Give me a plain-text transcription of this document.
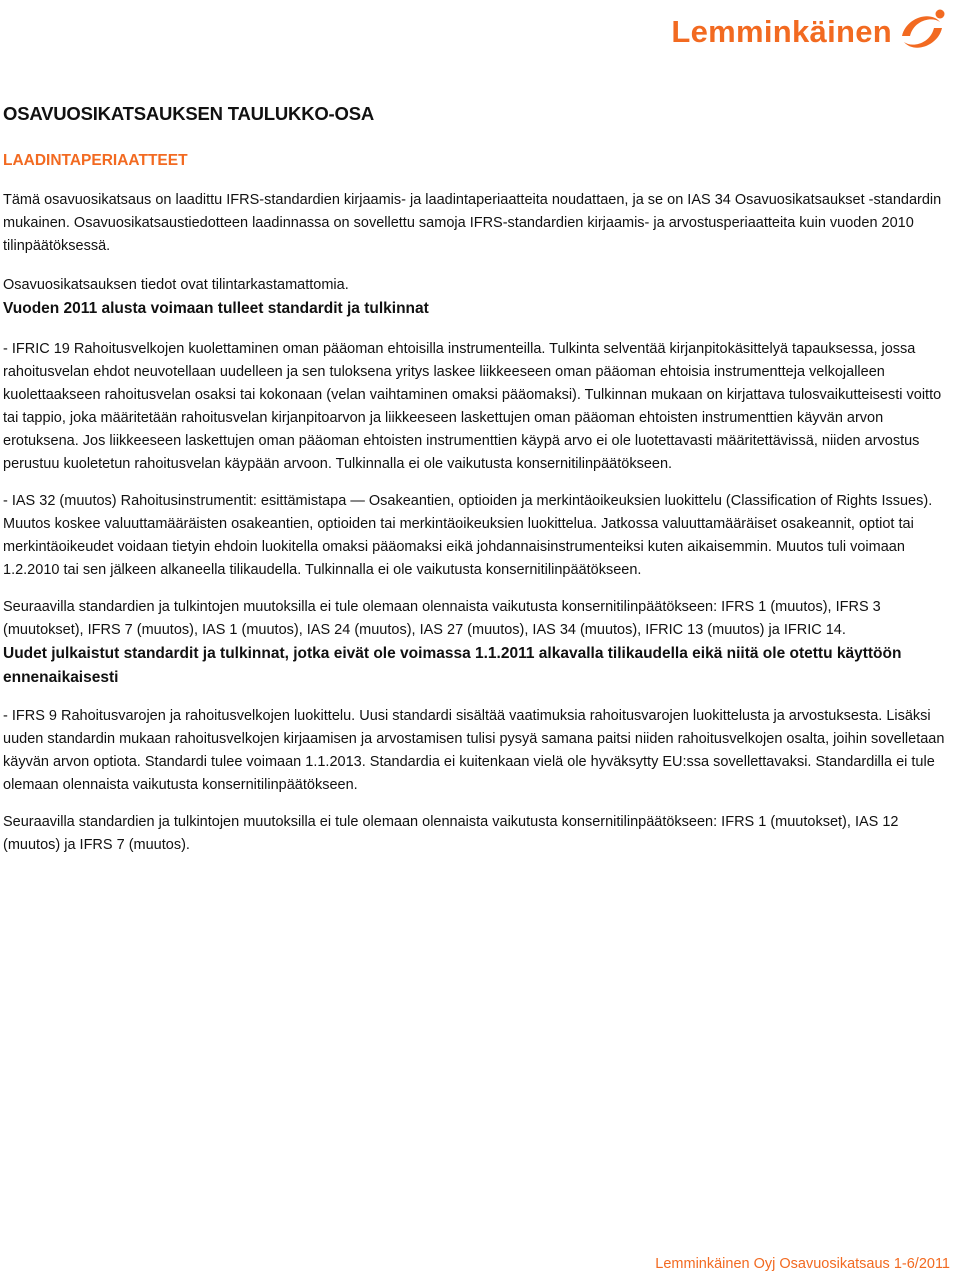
Lemminkäinen
OSAVUOSIKATSAUKSEN TAULUKKO-OSA
LAADINTAPERIAATTEET

Tämä osavuosikatsaus on laadittu IFRS-standardien kirjaamis- ja laadintaperiaatteita noudattaen, ja se on IAS 34 Osavuosikatsaukset -standardin mukainen. Osavuosikatsaustiedotteen laadinnassa on sovellettu samoja IFRS-standardien kirjaamis- ja arvostusperiaatteita kuin vuoden 2010 tilinpäätöksessä.

Osavuosikatsauksen tiedot ovat tilintarkastamattomia.

Vuoden 2011 alusta voimaan tulleet standardit ja tulkinnat

- IFRIC 19 Rahoitusvelkojen kuolettaminen oman pääoman ehtoisilla instrumenteilla. Tulkinta selventää kirjanpitokäsittelyä tapauksessa, jossa rahoitusvelan ehdot neuvotellaan uudelleen ja sen tuloksena yritys laskee liikkeeseen oman pääoman ehtoisia instrumentteja velkojalleen kuolettaakseen rahoitusvelan osaksi tai kokonaan (velan vaihtaminen omaksi pääomaksi). Tulkinnan mukaan on kirjattava tulosvaikutteisesti voitto tai tappio, joka määritetään rahoitusvelan kirjanpitoarvon ja liikkeeseen laskettujen oman pääoman ehtoisten instrumenttien käyvän arvon erotuksena. Jos liikkeeseen laskettujen oman pääoman ehtoisten instrumenttien käypä arvo ei ole luotettavasti määritettävissä, niiden arvostus perustuu kuoletetun rahoitusvelan käypään arvoon. Tulkinnalla ei ole vaikutusta konsernitilinpäätökseen.

- IAS 32 (muutos) Rahoitusinstrumentit: esittämistapa — Osakeantien, optioiden ja merkintäoikeuksien luokittelu (Classification of Rights Issues). Muutos koskee valuuttamääräisten osakeantien, optioiden tai merkintäoikeuksien luokittelua. Jatkossa valuuttamääräiset osakeannit, optiot tai merkintäoikeudet voidaan tietyin ehdoin luokitella omaksi pääomaksi eikä johdannaisinstrumenteiksi kuten aikaisemmin. Muutos tuli voimaan 1.2.2010 tai sen jälkeen alkaneella tilikaudella. Tulkinnalla ei ole vaikutusta konsernitilinpäätökseen.

Seuraavilla standardien ja tulkintojen muutoksilla ei tule olemaan olennaista vaikutusta konsernitilinpäätökseen: IFRS 1 (muutos), IFRS 3 (muutokset), IFRS 7 (muutos), IAS 1 (muutos), IAS 24 (muutos), IAS 27 (muutos), IAS 34 (muutos), IFRIC 13 (muutos) ja IFRIC 14.

Uudet julkaistut standardit ja tulkinnat, jotka eivät ole voimassa 1.1.2011 alkavalla tilikaudella eikä niitä ole otettu käyttöön ennenaikaisesti

- IFRS 9 Rahoitusvarojen ja rahoitusvelkojen luokittelu. Uusi standardi sisältää vaatimuksia rahoitusvarojen luokittelusta ja arvostuksesta. Lisäksi uuden standardin mukaan rahoitusvelkojen kirjaamisen ja arvostamisen tulisi pysyä samana paitsi niiden rahoitusvelkojen osalta, joihin sovelletaan käyvän arvon optiota. Standardi tulee voimaan 1.1.2013. Standardia ei kuitenkaan vielä ole hyväksytty EU:ssa sovellettavaksi. Standardilla ei tule olemaan olennaista vaikutusta konsernitilinpäätökseen.

Seuraavilla standardien ja tulkintojen muutoksilla ei tule olemaan olennaista vaikutusta konsernitilinpäätökseen: IFRS 1 (muutokset), IAS 12 (muutos) ja IFRS 7 (muutos).

Lemminkäinen Oyj Osavuosikatsaus 1-6/2011
